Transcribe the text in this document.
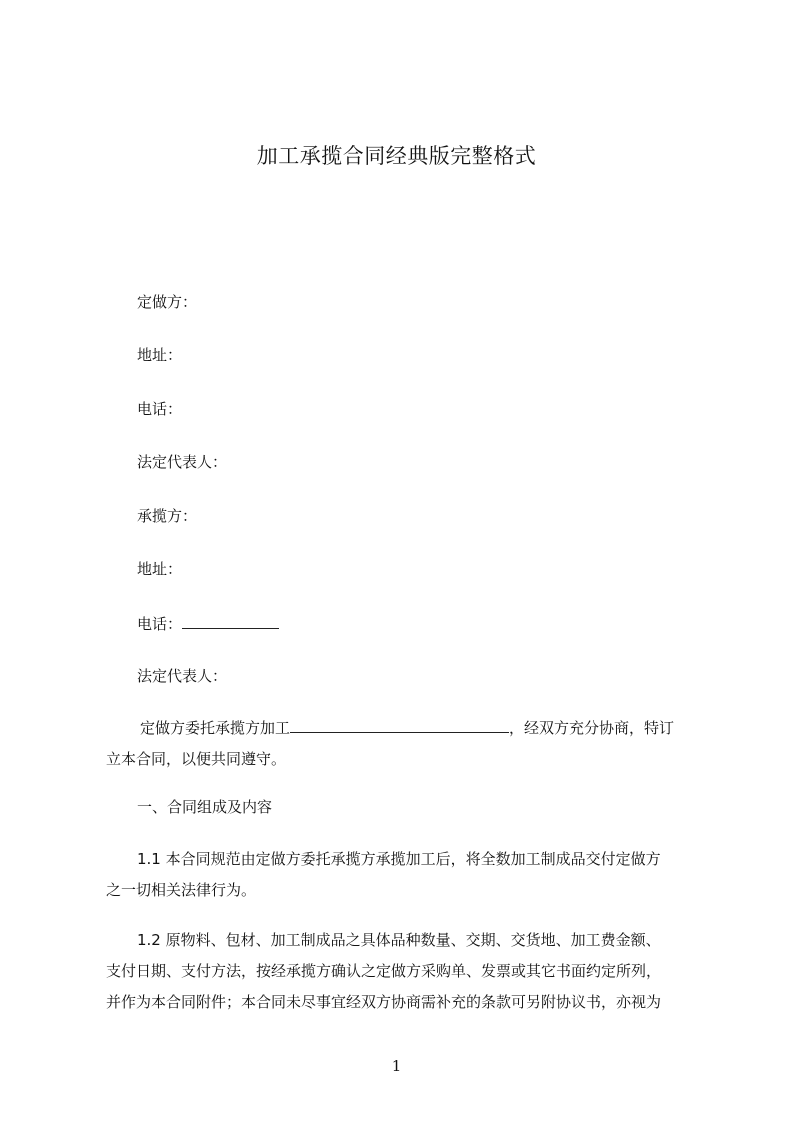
加工承揽合同经典版完整格式
定做方：
地址：
电话：
法定代表人：
承揽方：
地址：
电话：
法定代表人：
定做方委托承揽方加工	，经双方充分协商，特订
立本合同，以便共同遵守。
一、合同组成及内容
1.1 本合同规范由定做方委托承揽方承揽加工后，将全数加工制成品交付定做方
之一切相关法律行为。
1.2 原物料、包材、加工制成品之具体品种数量、交期、交货地、加工费金额、
支付日期、支付方法，按经承揽方确认之定做方采购单、发票或其它书面约定所列，
并作为本合同附件；本合同未尽事宜经双方协商需补充的条款可另附协议书，亦视为
1
